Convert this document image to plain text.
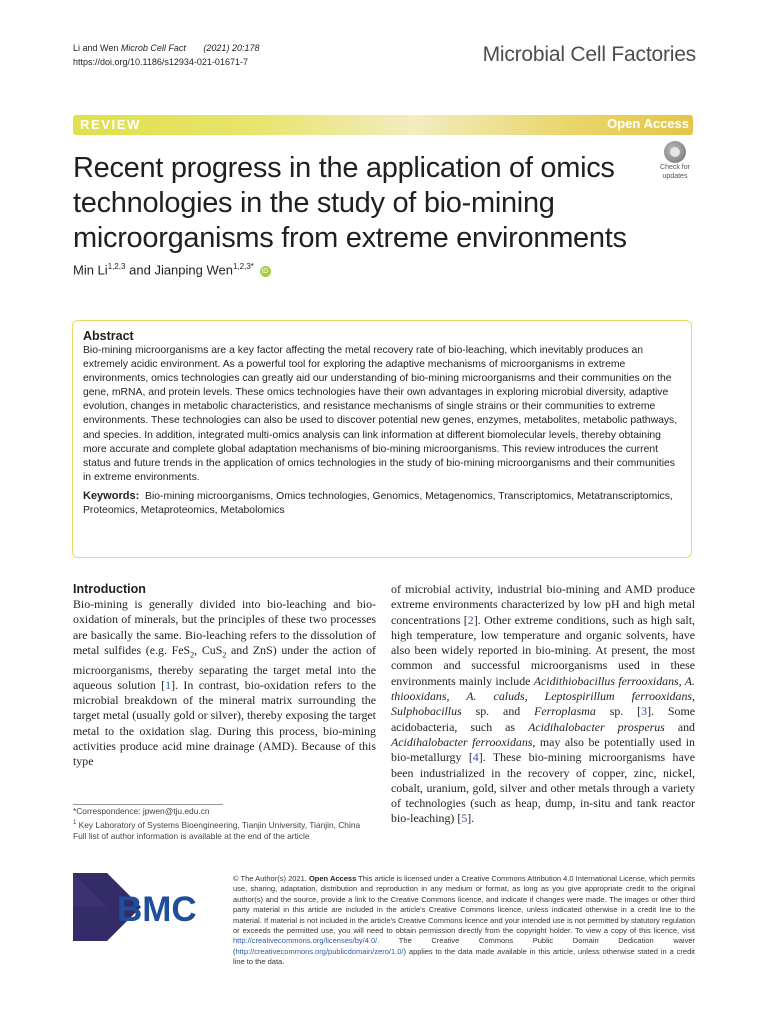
Li and Wen Microb Cell Fact (2021) 20:178
https://doi.org/10.1186/s12934-021-01671-7	Microbial Cell Factories
REVIEW	Open Access
Recent progress in the application of omics technologies in the study of bio-mining microorganisms from extreme environments
Check for
updates
Min Li$^{1,2,3}$ and Jianping Wen$^{1,2,3*}$ iD
Abstract

Bio-mining microorganisms are a key factor affecting the metal recovery rate of bio-leaching, which inevitably produces an extremely acidic environment. As a powerful tool for exploring the adaptive mechanisms of microorganisms in extreme environments, omics technologies can greatly aid our understanding of bio-mining microorganisms and their communities on the gene, mRNA, and protein levels. These omics technologies have their own advantages in exploring microbial diversity, adaptive evolution, changes in metabolic characteristics, and resistance mechanisms of single strains or their communities to extreme environments. These technologies can also be used to discover potential new genes, enzymes, metabolites, metabolic pathways, and species. In addition, integrated multi-omics analysis can link information at different biomolecular levels, thereby obtaining more accurate and complete global adaptation mechanisms of bio-mining microorganisms. This review introduces the current status and future trends in the application of omics technologies in the study of bio-mining microorganisms and their communities in extreme environments.

Keywords: Bio-mining microorganisms, Omics technologies, Genomics, Metagenomics, Transcriptomics, Metatranscriptomics, Proteomics, Metaproteomics, Metabolomics

Introduction

Bio-mining is generally divided into bio-leaching and bio-oxidation of minerals, but the principles of these two processes are basically the same. Bio-leaching refers to the dissolution of metal sulfides (e.g. FeS$_2$, CuS$_2$ and ZnS) under the action of microorganisms, thereby separating the target metal into the aqueous solution [1]. In contrast, bio-oxidation refers to the microbial breakdown of the mineral matrix surrounding the target metal (usually gold or silver), thereby exposing the target metal to the oxidation slag. During this process, bio-mining activities produce acid mine drainage (AMD). Because of this type

of microbial activity, industrial bio-mining and AMD produce extreme environments characterized by low pH and high metal concentrations [2]. Other extreme conditions, such as high salt, high temperature, low temperature and organic solvents, have also been widely reported in bio-mining. At present, the most common and successful microorganisms used in these environments mainly include Acidithiobacillus ferrooxidans, A. thiooxidans, A. caluds, Leptospirillum ferrooxidans, Sulphobacillus sp. and Ferroplasma sp. [3]. Some acidobacteria, such as Acidihalobacter prosperus and Acidihalobacter ferrooxidans, may also be potentially used in bio-metallurgy [4]. These bio-mining microorganisms have been industrialized in the recovery of copper, zinc, nickel, cobalt, uranium, gold, silver and other metals through a variety of technologies (such as heap, dump, in-situ and tank reactor bio-leaching) [5].

*Correspondence: jpwen@tju.edu.cn
$^1$ Key Laboratory of Systems Bioengineering, Tianjin University, Tianjin, China
Full list of author information is available at the end of the article
BMC
© The Author(s) 2021. Open Access This article is licensed under a Creative Commons Attribution 4.0 International License, which permits use, sharing, adaptation, distribution and reproduction in any medium or format, as long as you give appropriate credit to the original author(s) and the source, provide a link to the Creative Commons licence, and indicate if changes were made. The images or other third party material in this article are included in the article's Creative Commons licence, unless indicated otherwise in a credit line to the material. If material is not included in the article's Creative Commons licence and your intended use is not permitted by statutory regulation or exceeds the permitted use, you will need to obtain permission directly from the copyright holder. To view a copy of this licence, visit http://creativecommons.org/licenses/by/4.0/. The Creative Commons Public Domain Dedication waiver (http://creativecommons.org/publicdomain/zero/1.0/) applies to the data made available in this article, unless otherwise stated in a credit line to the data.
